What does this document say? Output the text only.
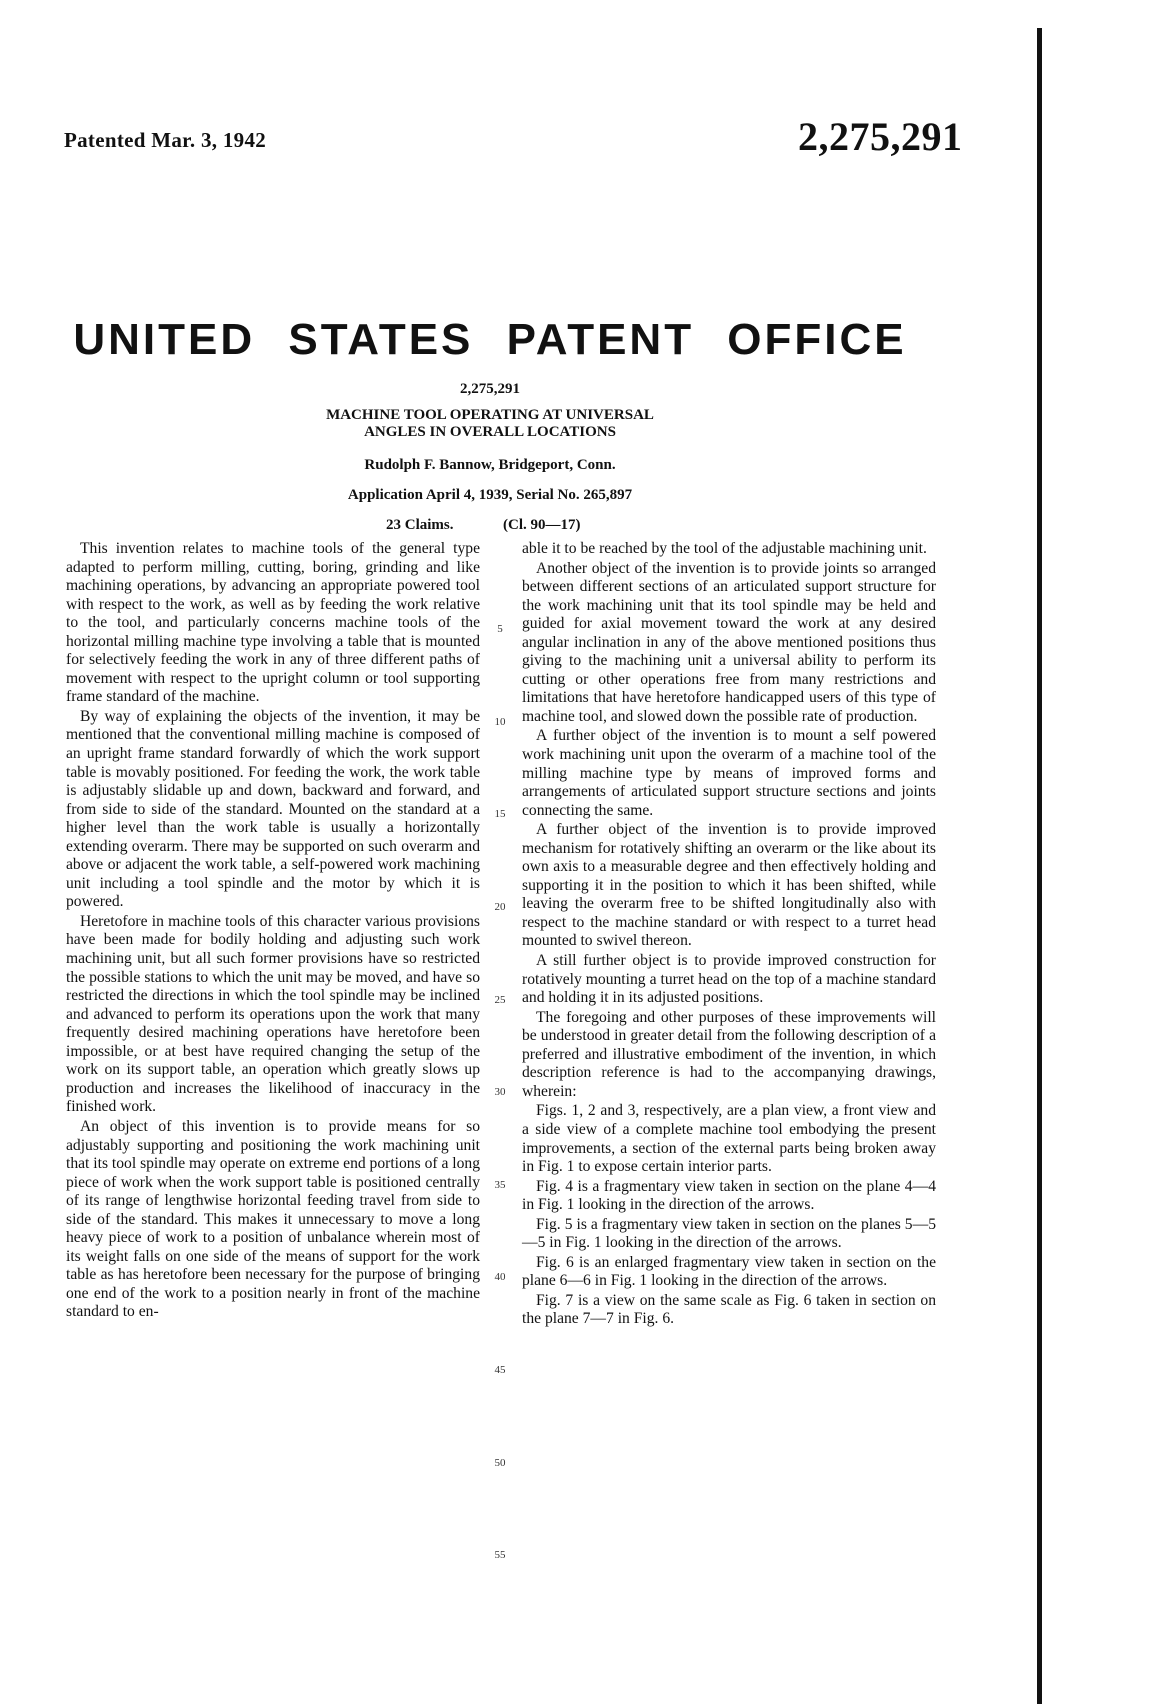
Patented Mar. 3, 1942	2,275,291
UNITED STATES PATENT OFFICE
2,275,291
MACHINE TOOL OPERATING AT UNIVERSAL
ANGLES IN OVERALL LOCATIONS
Rudolph F. Bannow, Bridgeport, Conn.
Application April 4, 1939, Serial No. 265,897
23 Claims.	(Cl. 90—17)

This invention relates to machine tools of the general type adapted to perform milling, cutting, boring, grinding and like machining operations, by advancing an appropriate powered tool with respect to the work, as well as by feeding the work relative to the tool, and particularly concerns machine tools of the horizontal milling machine type involving a table that is mounted for selectively feeding the work in any of three different paths of movement with respect to the upright column or tool supporting frame standard of the machine.

By way of explaining the objects of the invention, it may be mentioned that the conventional milling machine is composed of an upright frame standard forwardly of which the work support table is movably positioned. For feeding the work, the work table is adjustably slidable up and down, backward and forward, and from side to side of the standard. Mounted on the standard at a higher level than the work table is usually a horizontally extending overarm. There may be supported on such overarm and above or adjacent the work table, a self-powered work machining unit including a tool spindle and the motor by which it is powered.

Heretofore in machine tools of this character various provisions have been made for bodily holding and adjusting such work machining unit, but all such former provisions have so restricted the possible stations to which the unit may be moved, and have so restricted the directions in which the tool spindle may be inclined and advanced to perform its operations upon the work that many frequently desired machining operations have heretofore been impossible, or at best have required changing the setup of the work on its support table, an operation which greatly slows up production and increases the likelihood of inaccuracy in the finished work.

An object of this invention is to provide means for so adjustably supporting and positioning the work machining unit that its tool spindle may operate on extreme end portions of a long piece of work when the work support table is positioned centrally of its range of lengthwise horizontal feeding travel from side to side of the standard. This makes it unnecessary to move a long heavy piece of work to a position of unbalance wherein most of its weight falls on one side of the means of support for the work table as has heretofore been necessary for the purpose of bringing one end of the work to a position nearly in front of the machine standard to en-

able it to be reached by the tool of the adjustable machining unit.

Another object of the invention is to provide joints so arranged between different sections of an articulated support structure for the work machining unit that its tool spindle may be held and guided for axial movement toward the work at any desired angular inclination in any of the above mentioned positions thus giving to the machining unit a universal ability to perform its cutting or other operations free from many restrictions and limitations that have heretofore handicapped users of this type of machine tool, and slowed down the possible rate of production.

A further object of the invention is to mount a self powered work machining unit upon the overarm of a machine tool of the milling machine type by means of improved forms and arrangements of articulated support structure sections and joints connecting the same.

A further object of the invention is to provide improved mechanism for rotatively shifting an overarm or the like about its own axis to a measurable degree and then effectively holding and supporting it in the position to which it has been shifted, while leaving the overarm free to be shifted longitudinally also with respect to the machine standard or with respect to a turret head mounted to swivel thereon.

A still further object is to provide improved construction for rotatively mounting a turret head on the top of a machine standard and holding it in its adjusted positions.

The foregoing and other purposes of these improvements will be understood in greater detail from the following description of a preferred and illustrative embodiment of the invention, in which description reference is had to the accompanying drawings, wherein:

Figs. 1, 2 and 3, respectively, are a plan view, a front view and a side view of a complete machine tool embodying the present improvements, a section of the external parts being broken away in Fig. 1 to expose certain interior parts.

Fig. 4 is a fragmentary view taken in section on the plane 4—4 in Fig. 1 looking in the direction of the arrows.

Fig. 5 is a fragmentary view taken in section on the planes 5—5—5 in Fig. 1 looking in the direction of the arrows.

Fig. 6 is an enlarged fragmentary view taken in section on the plane 6—6 in Fig. 1 looking in the direction of the arrows.

Fig. 7 is a view on the same scale as Fig. 6 taken in section on the plane 7—7 in Fig. 6.

5
10
15
20
25
30
35
40
45
50
55
